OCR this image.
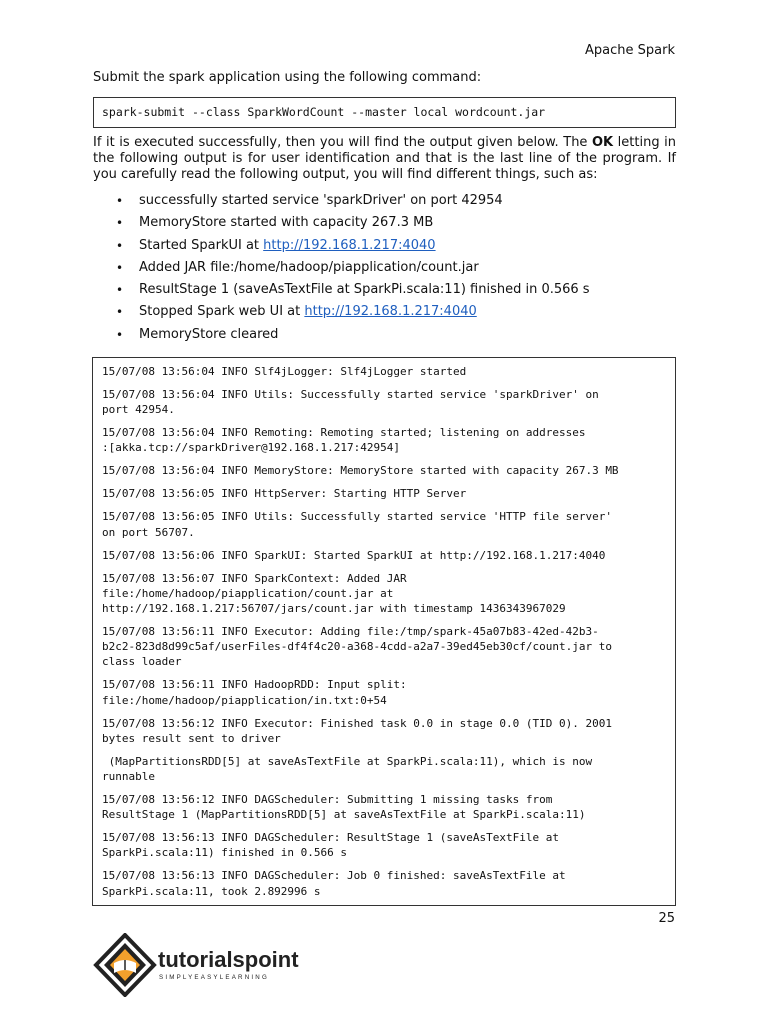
Apache Spark
Submit the spark application using the following command:
spark-submit --class SparkWordCount --master local wordcount.jar

If it is executed successfully, then you will find the output given below. The OK letting in the following output is for user identification and that is the last line of the program. If you carefully read the following output, you will find different things, such as:

• successfully started service 'sparkDriver' on port 42954
• MemoryStore started with capacity 267.3 MB
• Started SparkUI at http://192.168.1.217:4040
• Added JAR file:/home/hadoop/piapplication/count.jar
• ResultStage 1 (saveAsTextFile at SparkPi.scala:11) finished in 0.566 s
• Stopped Spark web UI at http://192.168.1.217:4040
• MemoryStore cleared
15/07/08 13:56:04 INFO Slf4jLogger: Slf4jLogger started
15/07/08 13:56:04 INFO Utils: Successfully started service 'sparkDriver' on
port 42954.
15/07/08 13:56:04 INFO Remoting: Remoting started; listening on addresses
:[akka.tcp://sparkDriver@192.168.1.217:42954]
15/07/08 13:56:04 INFO MemoryStore: MemoryStore started with capacity 267.3 MB
15/07/08 13:56:05 INFO HttpServer: Starting HTTP Server
15/07/08 13:56:05 INFO Utils: Successfully started service 'HTTP file server'
on port 56707.
15/07/08 13:56:06 INFO SparkUI: Started SparkUI at http://192.168.1.217:4040
15/07/08 13:56:07 INFO SparkContext: Added JAR
file:/home/hadoop/piapplication/count.jar at
http://192.168.1.217:56707/jars/count.jar with timestamp 1436343967029
15/07/08 13:56:11 INFO Executor: Adding file:/tmp/spark-45a07b83-42ed-42b3-
b2c2-823d8d99c5af/userFiles-df4f4c20-a368-4cdd-a2a7-39ed45eb30cf/count.jar to
class loader
15/07/08 13:56:11 INFO HadoopRDD: Input split:
file:/home/hadoop/piapplication/in.txt:0+54
15/07/08 13:56:12 INFO Executor: Finished task 0.0 in stage 0.0 (TID 0). 2001
bytes result sent to driver
(MapPartitionsRDD[5] at saveAsTextFile at SparkPi.scala:11), which is now
runnable
15/07/08 13:56:12 INFO DAGScheduler: Submitting 1 missing tasks from
ResultStage 1 (MapPartitionsRDD[5] at saveAsTextFile at SparkPi.scala:11)
15/07/08 13:56:13 INFO DAGScheduler: ResultStage 1 (saveAsTextFile at
SparkPi.scala:11) finished in 0.566 s
15/07/08 13:56:13 INFO DAGScheduler: Job 0 finished: saveAsTextFile at
SparkPi.scala:11, took 2.892996 s
25
tutorialspoint
SIMPLYEASYLEARNING
